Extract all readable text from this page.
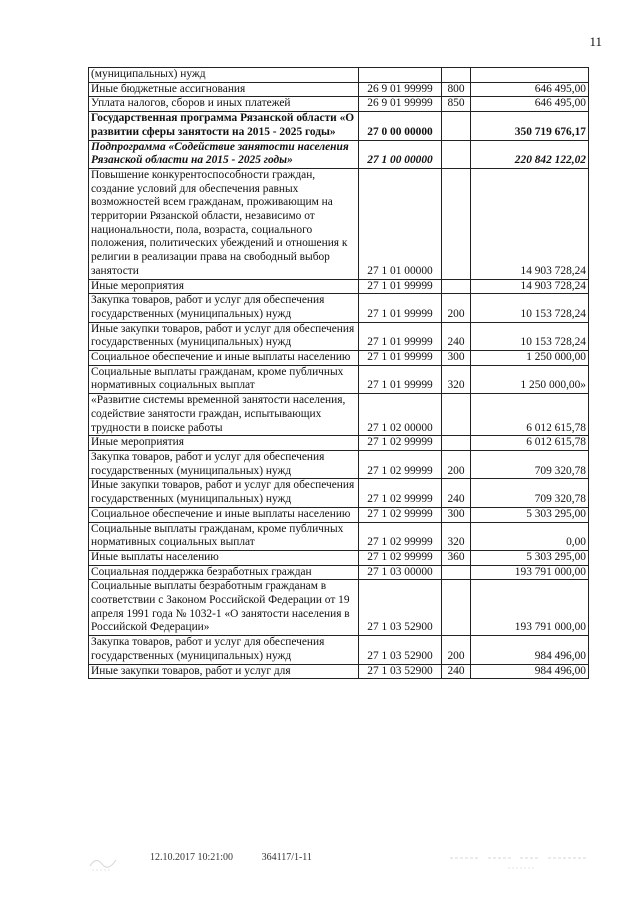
11
(муниципальных) нужд			
Иные бюджетные ассигнования	26 9 01 99999	800	646 495,00
Уплата налогов, сборов и иных платежей	26 9 01 99999	850	646 495,00
Государственная программа Рязанской области «О развитии сферы занятости на 2015 - 2025 годы»	27 0 00 00000		350 719 676,17
Подпрограмма «Содействие занятости населения Рязанской области на 2015 - 2025 годы»	27 1 00 00000		220 842 122,02
Повышение конкурентоспособности граждан, создание условий для обеспечения равных возможностей всем гражданам, проживающим на территории Рязанской области, независимо от национальности, пола, возраста, социального положения, политических убеждений и отношения к религии в реализации права на свободный выбор занятости	27 1 01 00000		14 903 728,24
Иные мероприятия	27 1 01 99999		14 903 728,24
Закупка товаров, работ и услуг для обеспечения государственных (муниципальных) нужд	27 1 01 99999	200	10 153 728,24
Иные закупки товаров, работ и услуг для обеспечения государственных (муниципальных) нужд	27 1 01 99999	240	10 153 728,24
Социальное обеспечение и иные выплаты населению	27 1 01 99999	300	1 250 000,00
Социальные выплаты гражданам, кроме публичных нормативных социальных выплат	27 1 01 99999	320	1 250 000,00»
«Развитие системы временной занятости населения, содействие занятости граждан, испытывающих трудности в поиске работы	27 1 02 00000		6 012 615,78
Иные мероприятия	27 1 02 99999		6 012 615,78
Закупка товаров, работ и услуг для обеспечения государственных (муниципальных) нужд	27 1 02 99999	200	709 320,78
Иные закупки товаров, работ и услуг для обеспечения государственных (муниципальных) нужд	27 1 02 99999	240	709 320,78
Социальное обеспечение и иные выплаты населению	27 1 02 99999	300	5 303 295,00
Социальные выплаты гражданам, кроме публичных нормативных социальных выплат	27 1 02 99999	320	0,00
Иные выплаты населению	27 1 02 99999	360	5 303 295,00
Социальная поддержка безработных граждан	27 1 03 00000		193 791 000,00
Социальные выплаты безработным гражданам в соответствии с Законом Российской Федерации от 19 апреля 1991 года № 1032-1 «О занятости населения в Российской Федерации»	27 1 03 52900		193 791 000,00
Закупка товаров, работ и услуг для обеспечения государственных (муниципальных) нужд	27 1 03 52900	200	984 496,00
Иные закупки товаров, работ и услуг для	27 1 03 52900	240	984 496,00
12.10.2017 10:21:00	364117/1-11
